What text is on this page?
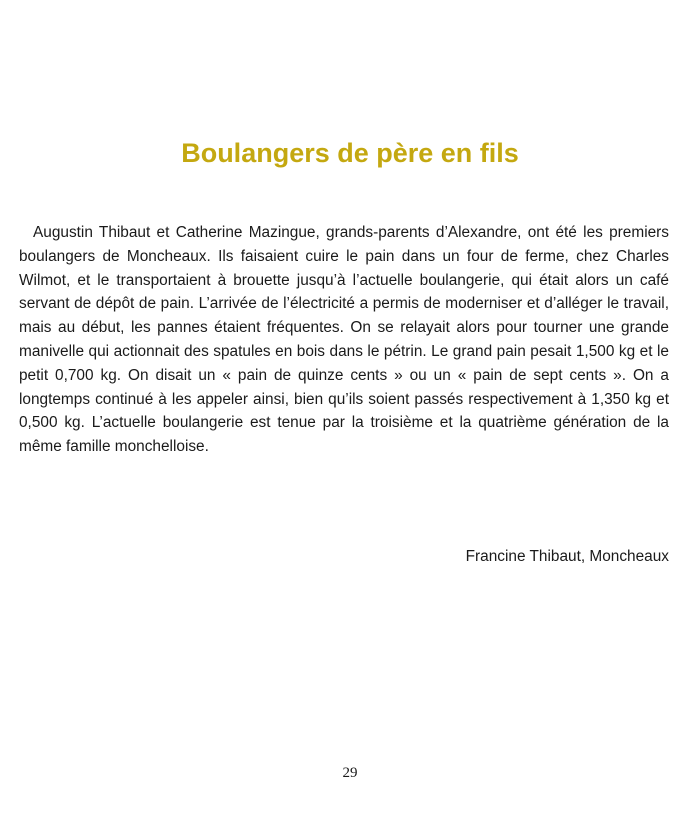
Boulangers de père en fils

Augustin Thibaut et Catherine Mazingue, grands-parents d’Alexandre, ont été les premiers boulangers de Moncheaux. Ils faisaient cuire le pain dans un four de ferme, chez Charles Wilmot, et le transportaient à brouette jusqu’à l’actuelle boulangerie, qui était alors un café servant de dépôt de pain. L’arrivée de l’électricité a permis de moderniser et d’alléger le travail, mais au début, les pannes étaient fréquentes. On se relayait alors pour tourner une grande manivelle qui actionnait des spatules en bois dans le pétrin. Le grand pain pesait 1,500 kg et le petit 0,700 kg. On disait un « pain de quinze cents » ou un « pain de sept cents ». On a longtemps continué à les appeler ainsi, bien qu’ils soient passés respectivement à 1,350 kg et 0,500 kg. L’actuelle boulangerie est tenue par la troisième et la quatrième génération de la même famille monchelloise.

Francine Thibaut, Moncheaux

29
